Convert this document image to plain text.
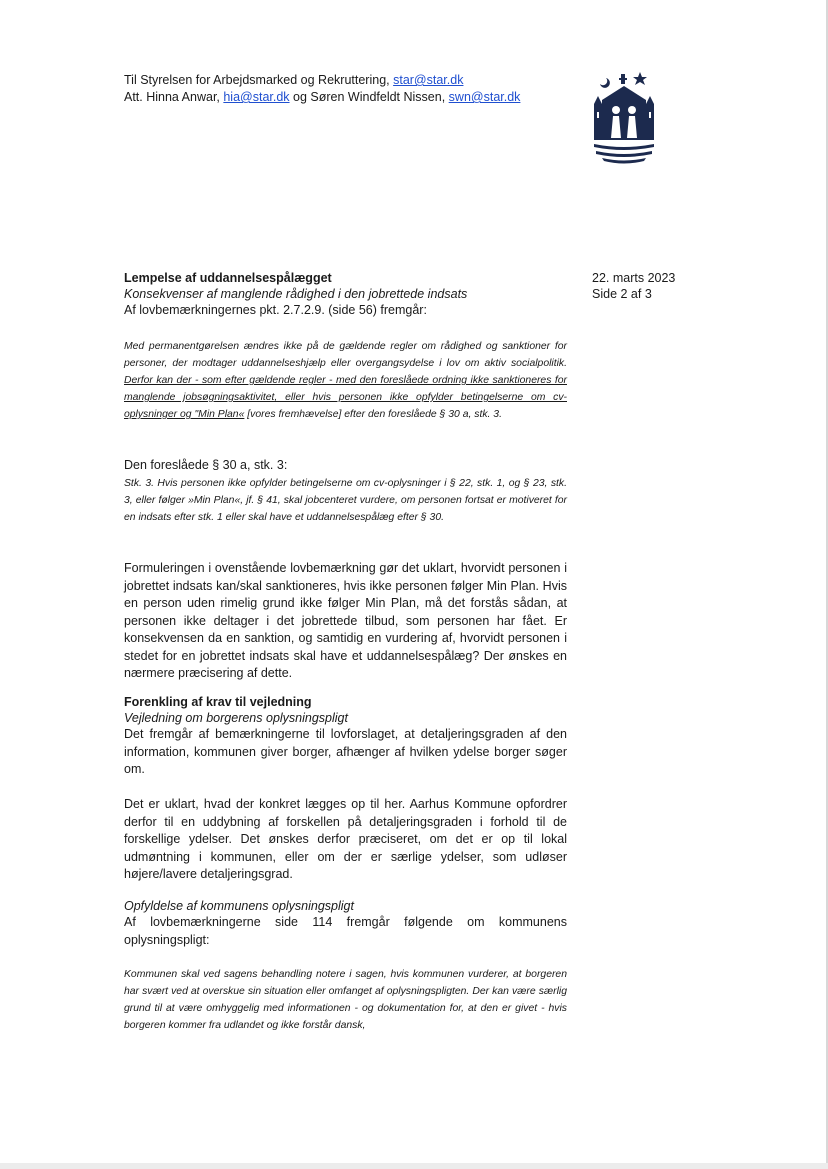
Til Styrelsen for Arbejdsmarked og Rekruttering, star@star.dk
Att. Hinna Anwar, hia@star.dk og Søren Windfeldt Nissen, swn@star.dk
22. marts 2023
Side 2 af 3
Lempelse af uddannelsespålægget
Konsekvenser af manglende rådighed i den jobrettede indsats
Af lovbemærkningernes pkt. 2.7.2.9. (side 56) fremgår:
Med permanentgørelsen ændres ikke på de gældende regler om rådighed og sanktioner for personer, der modtager uddannelseshjælp eller overgangsydelse i lov om aktiv socialpolitik. Derfor kan der - som efter gældende regler - med den foreslåede ordning ikke sanktioneres for manglende jobsøgningsaktivitet, eller hvis personen ikke opfylder betingelserne om cv-oplysninger og "Min Plan« [vores fremhævelse] efter den foreslåede § 30 a, stk. 3.
Den foreslåede § 30 a, stk. 3:
Stk. 3. Hvis personen ikke opfylder betingelserne om cv-oplysninger i § 22, stk. 1, og § 23, stk. 3, eller følger »Min Plan«, jf. § 41, skal jobcenteret vurdere, om personen fortsat er motiveret for en indsats efter stk. 1 eller skal have et uddannelsespålæg efter § 30.
Formuleringen i ovenstående lovbemærkning gør det uklart, hvorvidt personen i jobrettet indsats kan/skal sanktioneres, hvis ikke personen følger Min Plan. Hvis en person uden rimelig grund ikke følger Min Plan, må det forstås sådan, at personen ikke deltager i det jobrettede tilbud, som personen har fået. Er konsekvensen da en sanktion, og samtidig en vurdering af, hvorvidt personen i stedet for en jobrettet indsats skal have et uddannelsespålæg? Der ønskes en nærmere præcisering af dette.
Forenkling af krav til vejledning
Vejledning om borgerens oplysningspligt
Det fremgår af bemærkningerne til lovforslaget, at detaljeringsgraden af den information, kommunen giver borger, afhænger af hvilken ydelse borger søger om.
Det er uklart, hvad der konkret lægges op til her. Aarhus Kommune opfordrer derfor til en uddybning af forskellen på detaljeringsgraden i forhold til de forskellige ydelser. Det ønskes derfor præciseret, om det er op til lokal udmøntning i kommunen, eller om der er særlige ydelser, som udløser højere/lavere detaljeringsgrad.
Opfyldelse af kommunens oplysningspligt
Af lovbemærkningerne side 114 fremgår følgende om kommunens oplysningspligt:
Kommunen skal ved sagens behandling notere i sagen, hvis kommunen vurderer, at borgeren har svært ved at overskue sin situation eller omfanget af oplysningspligten. Der kan være særlig grund til at være omhyggelig med informationen - og dokumentation for, at den er givet - hvis borgeren kommer fra udlandet og ikke forstår dansk,
